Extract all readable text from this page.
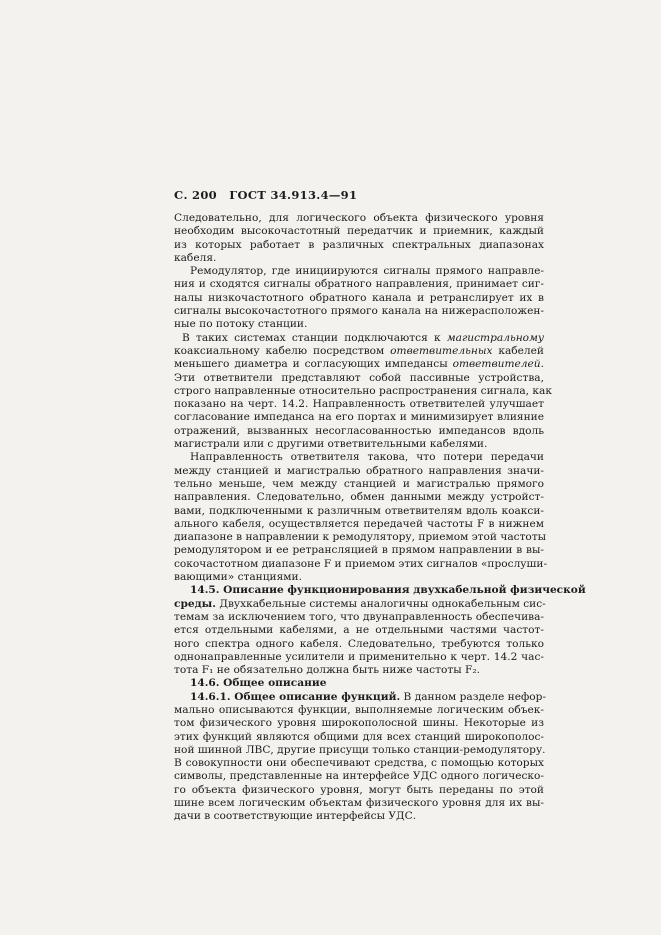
С. 200 ГОСТ 34.913.4—91
Следовательно, для логического объекта физического уровня
необходим высокочастотный передатчик и приемник, каждый
из которых работает в различных спектральных диапазонах
кабеля.
Ремодулятор, где инициируются сигналы прямого направле-
ния и сходятся сигналы обратного направления, принимает сиг-
налы низкочастотного обратного канала и ретранслирует их в
сигналы высокочастотного прямого канала на нижерасположен-
ные по потоку станции.
В таких системах станции подключаются к магистральному
коаксиальному кабелю посредством ответвительных кабелей
меньшего диаметра и согласующих импедансы ответвителей.
Эти ответвители представляют собой пассивные устройства,
строго направленные относительно распространения сигнала, как
показано на черт. 14.2. Направленность ответвителей улучшает
согласование импеданса на его портах и минимизирует влияние
отражений, вызванных несогласованностью импедансов вдоль
магистрали или с другими ответвительными кабелями.
Направленность ответвителя такова, что потери передачи
между станцией и магистралью обратного направления значи-
тельно меньше, чем между станцией и магистралью прямого
направления. Следовательно, обмен данными между устройст-
вами, подключенными к различным ответвителям вдоль коакси-
ального кабеля, осуществляется передачей частоты F в нижнем
диапазоне в направлении к ремодулятору, приемом этой частоты
ремодулятором и ее ретрансляцией в прямом направлении в вы-
сокочастотном диапазоне F и приемом этих сигналов «прослуши-
вающими» станциями.
14.5. Описание функционирования двухкабельной физической
среды. Двухкабельные системы аналогичны однокабельным сис-
темам за исключением того, что двунаправленность обеспечива-
ется отдельными кабелями, а не отдельными частями частот-
ного спектра одного кабеля. Следовательно, требуются только
однонаправленные усилители и применительно к черт. 14.2 час-
тота F₁ не обязательно должна быть ниже частоты F₂.
14.6. Общее описание
14.6.1. Общее описание функций. В данном разделе нефор-
мально описываются функции, выполняемые логическим объек-
том физического уровня широкополосной шины. Некоторые из
этих функций являются общими для всех станций широкополос-
ной шинной ЛВС, другие присущи только станции-ремодулятору.
В совокупности они обеспечивают средства, с помощью которых
символы, представленные на интерфейсе УДС одного логическо-
го объекта физического уровня, могут быть переданы по этой
шине всем логическим объектам физического уровня для их вы-
дачи в соответствующие интерфейсы УДС.
